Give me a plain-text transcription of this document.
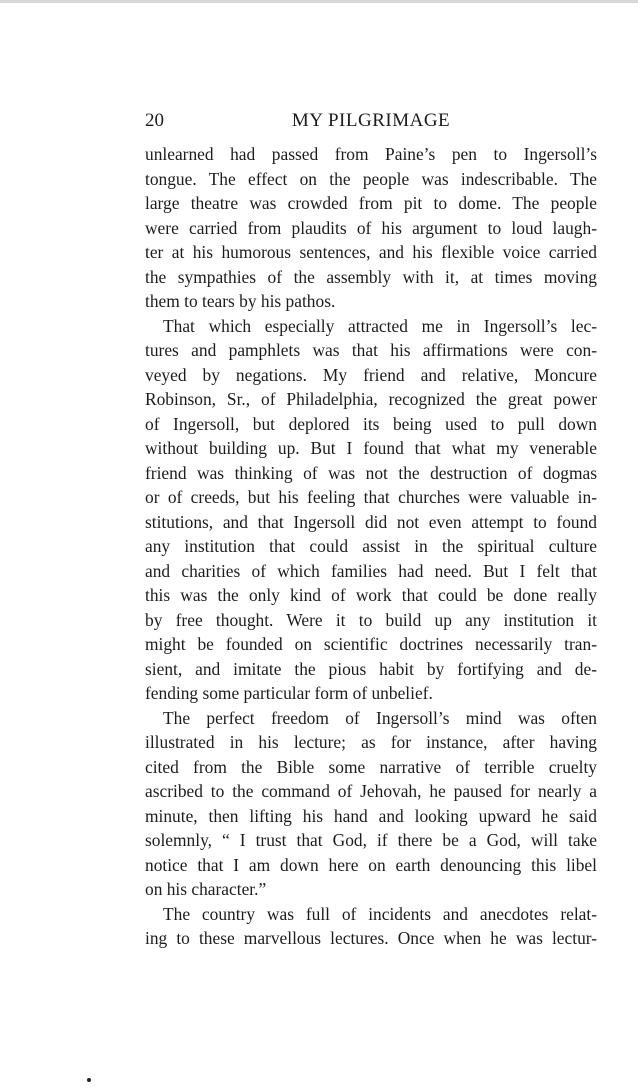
20	MY PILGRIMAGE
unlearned had passed from Paine’s pen to Ingersoll’s
tongue. The effect on the people was indescribable. The
large theatre was crowded from pit to dome. The people
were carried from plaudits of his argument to loud laugh-
ter at his humorous sentences, and his flexible voice carried
the sympathies of the assembly with it, at times moving
them to tears by his pathos.
That which especially attracted me in Ingersoll’s lec-
tures and pamphlets was that his affirmations were con-
veyed by negations. My friend and relative, Moncure
Robinson, Sr., of Philadelphia, recognized the great power
of Ingersoll, but deplored its being used to pull down
without building up. But I found that what my venerable
friend was thinking of was not the destruction of dogmas
or of creeds, but his feeling that churches were valuable in-
stitutions, and that Ingersoll did not even attempt to found
any institution that could assist in the spiritual culture
and charities of which families had need. But I felt that
this was the only kind of work that could be done really
by free thought. Were it to build up any institution it
might be founded on scientific doctrines necessarily tran-
sient, and imitate the pious habit by fortifying and de-
fending some particular form of unbelief.
The perfect freedom of Ingersoll’s mind was often
illustrated in his lecture; as for instance, after having
cited from the Bible some narrative of terrible cruelty
ascribed to the command of Jehovah, he paused for nearly a
minute, then lifting his hand and looking upward he said
solemnly, “ I trust that God, if there be a God, will take
notice that I am down here on earth denouncing this libel
on his character.”
The country was full of incidents and anecdotes relat-
ing to these marvellous lectures. Once when he was lectur-
